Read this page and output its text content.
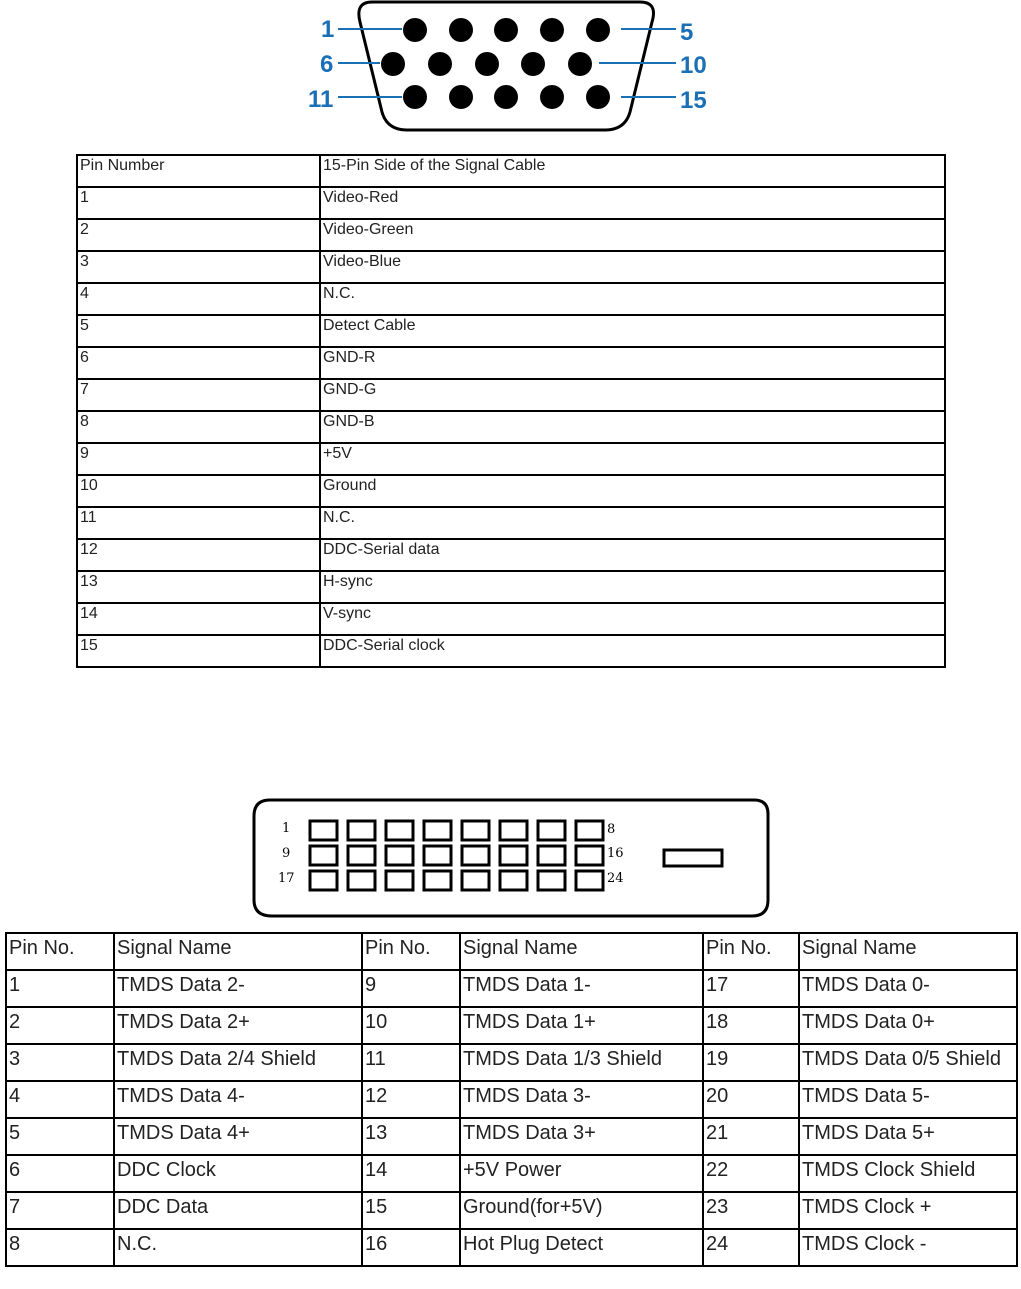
1	5
6	10
11	15
Pin Number	15-Pin Side of the Signal Cable
1	Video-Red
2	Video-Green
3	Video-Blue
4	N.C.
5	Detect Cable
6	GND-R
7	GND-G
8	GND-B
9	+5V
10	Ground
11	N.C.
12	DDC-Serial data
13	H-sync
14	V-sync
15	DDC-Serial clock
1	8
9	16
17	24
Pin No.	Signal Name	Pin No.	Signal Name	Pin No.	Signal Name
1	TMDS Data 2-	9	TMDS Data 1-	17	TMDS Data 0-
2	TMDS Data 2+	10	TMDS Data 1+	18	TMDS Data 0+
3	TMDS Data 2/4 Shield	11	TMDS Data 1/3 Shield	19	TMDS Data 0/5 Shield
4	TMDS Data 4-	12	TMDS Data 3-	20	TMDS Data 5-
5	TMDS Data 4+	13	TMDS Data 3+	21	TMDS Data 5+
6	DDC Clock	14	+5V Power	22	TMDS Clock Shield
7	DDC Data	15	Ground(for+5V)	23	TMDS Clock +
8	N.C.	16	Hot Plug Detect	24	TMDS Clock -
